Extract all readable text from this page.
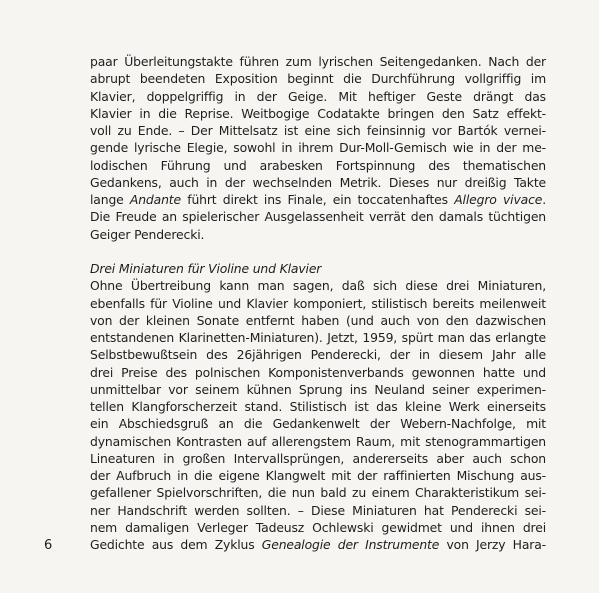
paar Überleitungstakte führen zum lyrischen Seitengedanken. Nach der
abrupt beendeten Exposition beginnt die Durchführung vollgriffig im
Klavier, doppelgriffig in der Geige. Mit heftiger Geste drängt das
Klavier in die Reprise. Weitbogige Codatakte bringen den Satz effekt-
voll zu Ende. – Der Mittelsatz ist eine sich feinsinnig vor Bartók vernei-
gende lyrische Elegie, sowohl in ihrem Dur-Moll-Gemisch wie in der me-
lodischen Führung und arabesken Fortspinnung des thematischen
Gedankens, auch in der wechselnden Metrik. Dieses nur dreißig Takte
lange Andante führt direkt ins Finale, ein toccatenhaftes Allegro vivace.
Die Freude an spielerischer Ausgelassenheit verrät den damals tüchtigen
Geiger Penderecki.
Drei Miniaturen für Violine und Klavier
Ohne Übertreibung kann man sagen, daß sich diese drei Miniaturen,
ebenfalls für Violine und Klavier komponiert, stilistisch bereits meilenweit
von der kleinen Sonate entfernt haben (und auch von den dazwischen
entstandenen Klarinetten-Miniaturen). Jetzt, 1959, spürt man das erlangte
Selbstbewußtsein des 26jährigen Penderecki, der in diesem Jahr alle
drei Preise des polnischen Komponistenverbands gewonnen hatte und
unmittelbar vor seinem kühnen Sprung ins Neuland seiner experimen-
tellen Klangforscherzeit stand. Stilistisch ist das kleine Werk einerseits
ein Abschiedsgruß an die Gedankenwelt der Webern-Nachfolge, mit
dynamischen Kontrasten auf allerengstem Raum, mit stenogrammartigen
Lineaturen in großen Intervallsprüngen, andererseits aber auch schon
der Aufbruch in die eigene Klangwelt mit der raffinierten Mischung aus-
gefallener Spielvorschriften, die nun bald zu einem Charakteristikum sei-
ner Handschrift werden sollten. – Diese Miniaturen hat Penderecki sei-
nem damaligen Verleger Tadeusz Ochlewski gewidmet und ihnen drei
Gedichte aus dem Zyklus Genealogie der Instrumente von Jerzy Hara-
6
